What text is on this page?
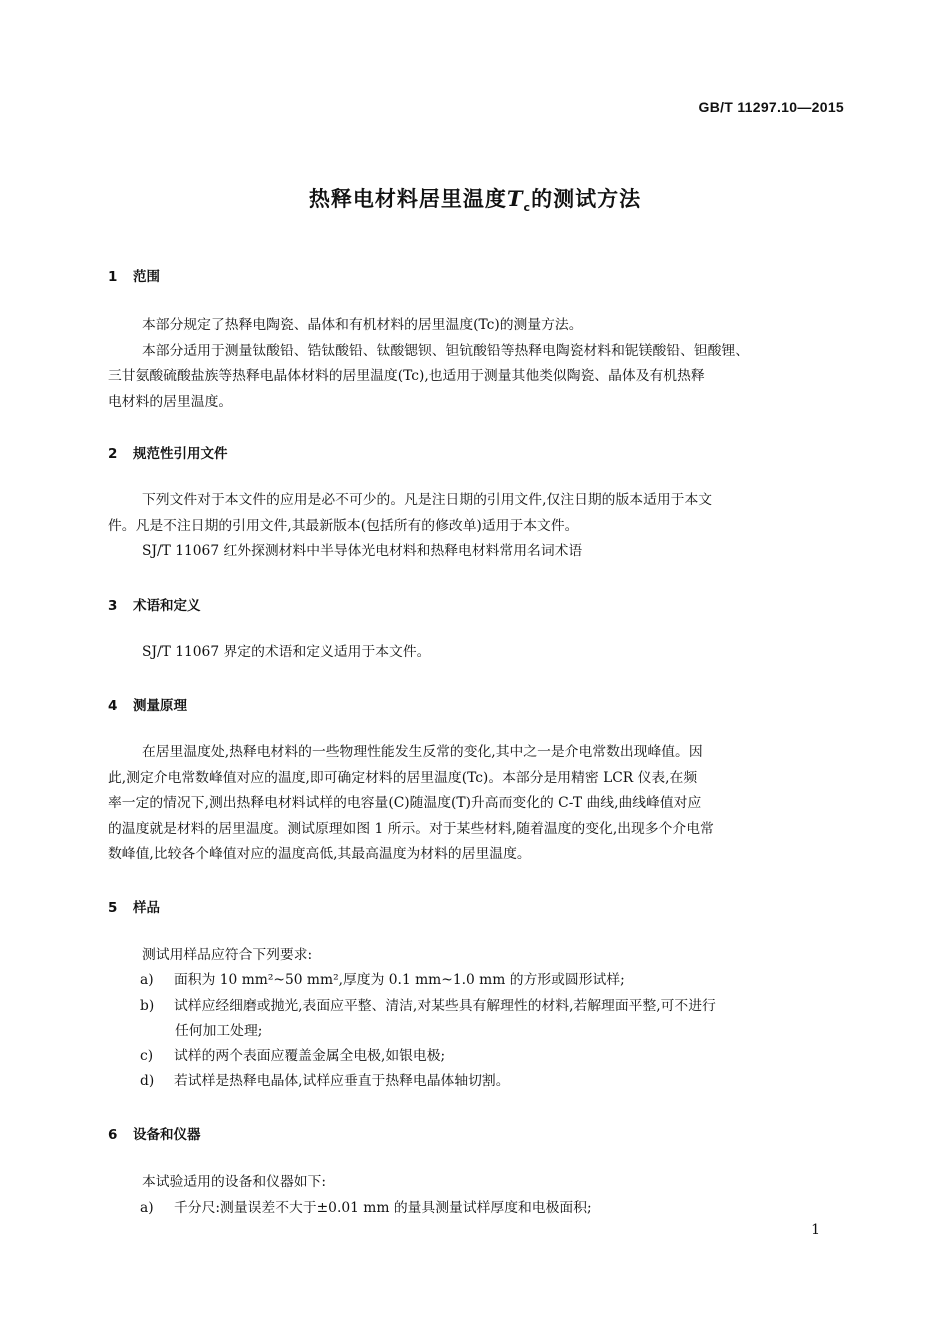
GB/T 11297.10—2015
热释电材料居里温度$T_c$的测试方法
1 范围
本部分规定了热释电陶瓷、晶体和有机材料的居里温度(Tc)的测量方法。
本部分适用于测量钛酸铅、锆钛酸铅、钛酸锶钡、钽钪酸铅等热释电陶瓷材料和铌镁酸铅、钽酸锂、
三甘氨酸硫酸盐族等热释电晶体材料的居里温度(Tc),也适用于测量其他类似陶瓷、晶体及有机热释
电材料的居里温度。
2 规范性引用文件
下列文件对于本文件的应用是必不可少的。凡是注日期的引用文件,仅注日期的版本适用于本文
件。凡是不注日期的引用文件,其最新版本(包括所有的修改单)适用于本文件。
SJ/T 11067 红外探测材料中半导体光电材料和热释电材料常用名词术语
3 术语和定义
SJ/T 11067 界定的术语和定义适用于本文件。
4 测量原理
在居里温度处,热释电材料的一些物理性能发生反常的变化,其中之一是介电常数出现峰值。因
此,测定介电常数峰值对应的温度,即可确定材料的居里温度(Tc)。本部分是用精密 LCR 仪表,在频
率一定的情况下,测出热释电材料试样的电容量(C)随温度(T)升高而变化的 C-T 曲线,曲线峰值对应
的温度就是材料的居里温度。测试原理如图 1 所示。对于某些材料,随着温度的变化,出现多个介电常
数峰值,比较各个峰值对应的温度高低,其最高温度为材料的居里温度。
5 样品
测试用样品应符合下列要求:
a) 面积为 10 mm²~50 mm²,厚度为 0.1 mm~1.0 mm 的方形或圆形试样;
b) 试样应经细磨或抛光,表面应平整、清洁,对某些具有解理性的材料,若解理面平整,可不进行
任何加工处理;
c) 试样的两个表面应覆盖金属全电极,如银电极;
d) 若试样是热释电晶体,试样应垂直于热释电晶体轴切割。
6 设备和仪器
本试验适用的设备和仪器如下:
a) 千分尺:测量误差不大于±0.01 mm 的量具测量试样厚度和电极面积;
1
